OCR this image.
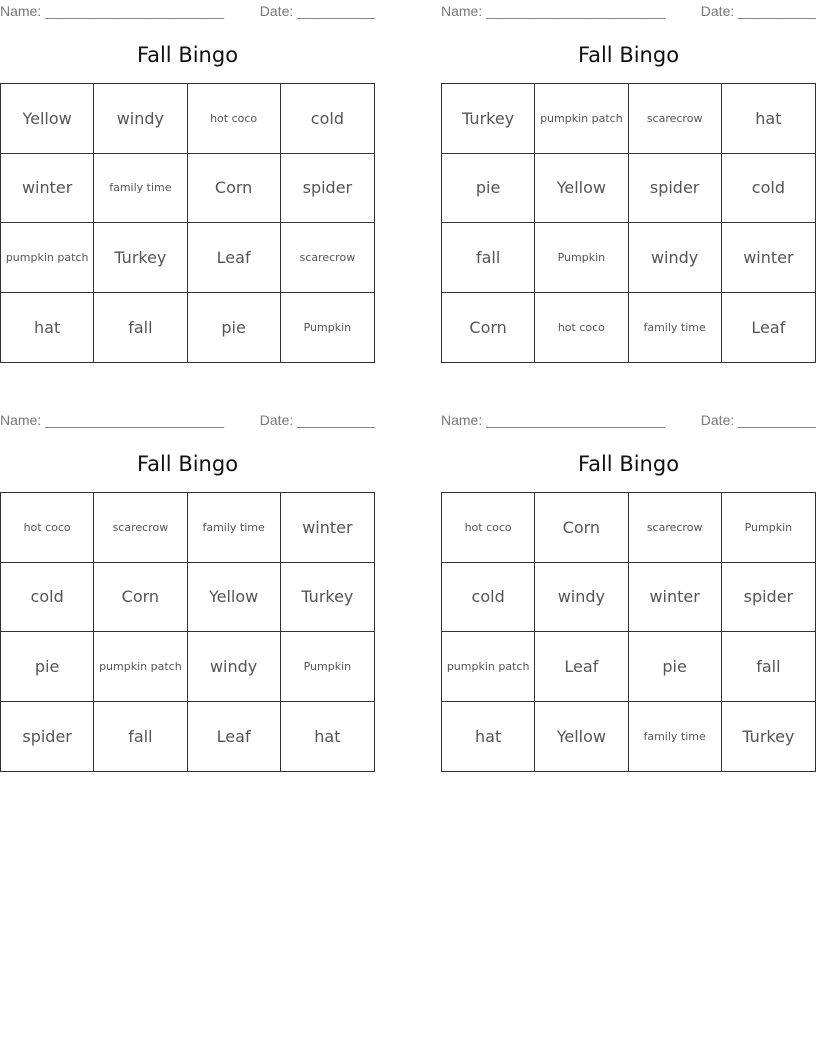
Name: _______________________	Date: __________
Fall Bingo
Yellow	windy	hot coco	cold
winter	family time	Corn	spider
pumpkin patch	Turkey	Leaf	scarecrow
hat	fall	pie	Pumpkin
Name: _______________________	Date: __________
Fall Bingo
Turkey	pumpkin patch	scarecrow	hat
pie	Yellow	spider	cold
fall	Pumpkin	windy	winter
Corn	hot coco	family time	Leaf
Name: _______________________	Date: __________
Fall Bingo
hot coco	scarecrow	family time	winter
cold	Corn	Yellow	Turkey
pie	pumpkin patch	windy	Pumpkin
spider	fall	Leaf	hat
Name: _______________________	Date: __________
Fall Bingo
hot coco	Corn	scarecrow	Pumpkin
cold	windy	winter	spider
pumpkin patch	Leaf	pie	fall
hat	Yellow	family time	Turkey
